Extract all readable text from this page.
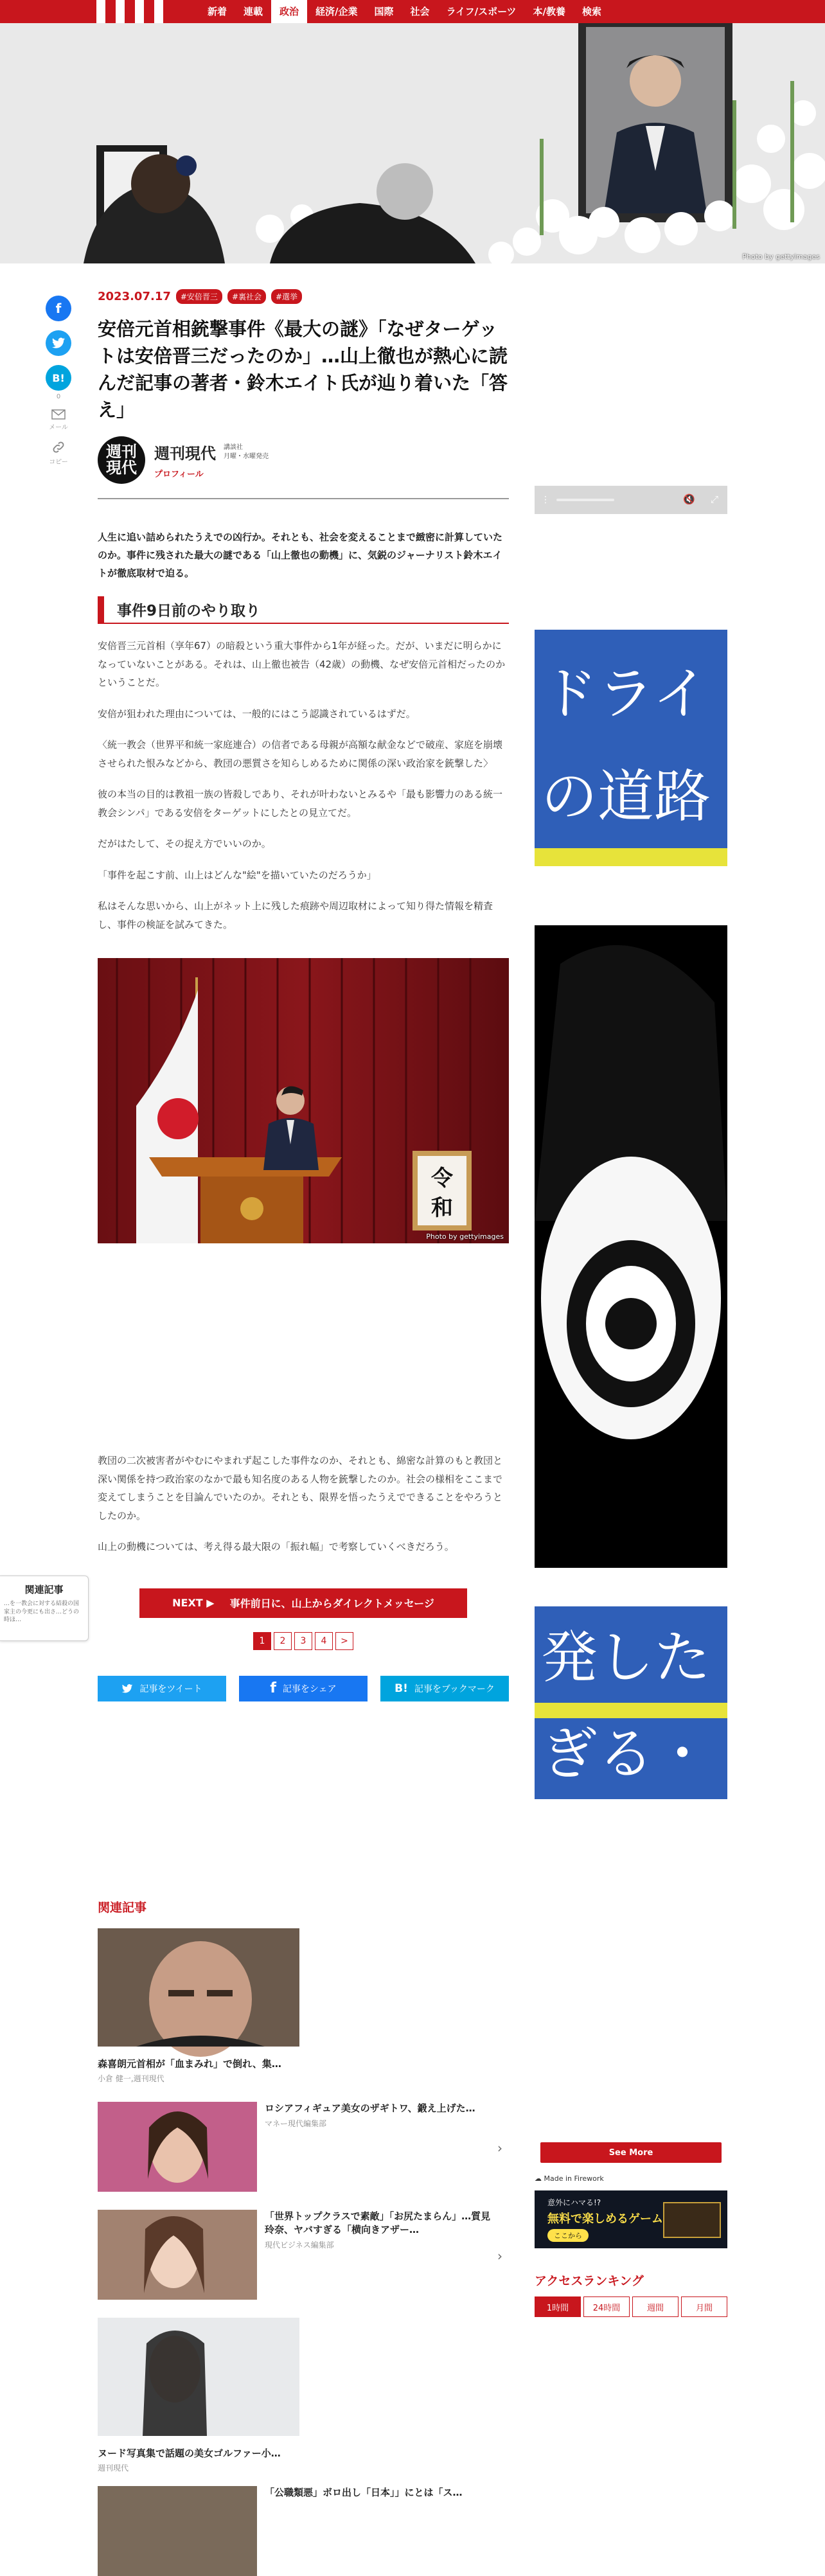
新着	連載	政治	経済/企業	国際	社会	ライフ/スポーツ	本/教養	検索
Photo by gettyimages
f
B!
0
メール
コピー
2023.07.17	#安倍晋三	#裏社会	#選挙
安倍元首相銃撃事件《最大の謎》「なぜターゲットは安倍晋三だったのか」…山上徹也が熱心に読んだ記事の著者・鈴木エイト氏が辿り着いた「答え」
週刊
現代
週刊現代 講談社
月曜・水曜発売
プロフィール

人生に追い詰められたうえでの凶行か。それとも、社会を変えることまで緻密に計算していたのか。事件に残された最大の謎である「山上徹也の動機」に、気鋭のジャーナリスト鈴木エイトが徹底取材で迫る。

事件9日前のやり取り

安倍晋三元首相（享年67）の暗殺という重大事件から1年が経った。だが、いまだに明らかになっていないことがある。それは、山上徹也被告（42歳）の動機、なぜ安倍元首相だったのかということだ。

安倍が狙われた理由については、一般的にはこう認識されているはずだ。

〈統一教会（世界平和統一家庭連合）の信者である母親が高額な献金などで破産、家庭を崩壊させられた恨みなどから、教団の悪質さを知らしめるために関係の深い政治家を銃撃した〉

彼の本当の目的は教祖一族の皆殺しであり、それが叶わないとみるや「最も影響力のある統一教会シンパ」である安倍をターゲットにしたとの見立てだ。

だがはたして、その捉え方でいいのか。

「事件を起こす前、山上はどんな"絵"を描いていたのだろうか」

私はそんな思いから、山上がネット上に残した痕跡や周辺取材によって知り得た情報を精査し、事件の検証を試みてきた。

令
和
Photo by gettyimages

教団の二次被害者がやむにやまれず起こした事件なのか、それとも、綿密な計算のもと教団と深い関係を持つ政治家のなかで最も知名度のある人物を銃撃したのか。社会の様相をここまで変えてしまうことを目論んでいたのか。それとも、限界を悟ったうえでできることをやろうとしたのか。

山上の動機については、考え得る最大限の「振れ幅」で考察していくべきだろう。

NEXT ▶ 事件前日に、山上からダイレクトメッセージ
1	2	3	4	>
記事をツイート	f 記事をシェア	B! 記事をブックマーク
関連記事
森喜朗元首相が「血まみれ」で倒れ、集…
小倉 健一,週刊現代
ロシアフィギュア美女のザギトワ、鍛え上げた…
マネー現代編集部
›
「世界トップクラスで素敵」「お尻たまらん」…質見玲奈、ヤバすぎる「横向きアザー…
現代ビジネス編集部
›
ヌード写真集で話題の美女ゴルファー小…
週刊現代
「公職類悪」ボロ出し「日本」」にとは「ス…
関連記事
…を一教会に対する結殺の国家主の今更にも出さ…どうの時ほ…
⋮	🔇 ⤢
ドライ
の道路
発した
ぎる・
See More
☁ Made in Firework
意外にハマる!?
無料で楽しめるゲーム
ここから
アクセスランキング
1時間	24時間	週間	月間
